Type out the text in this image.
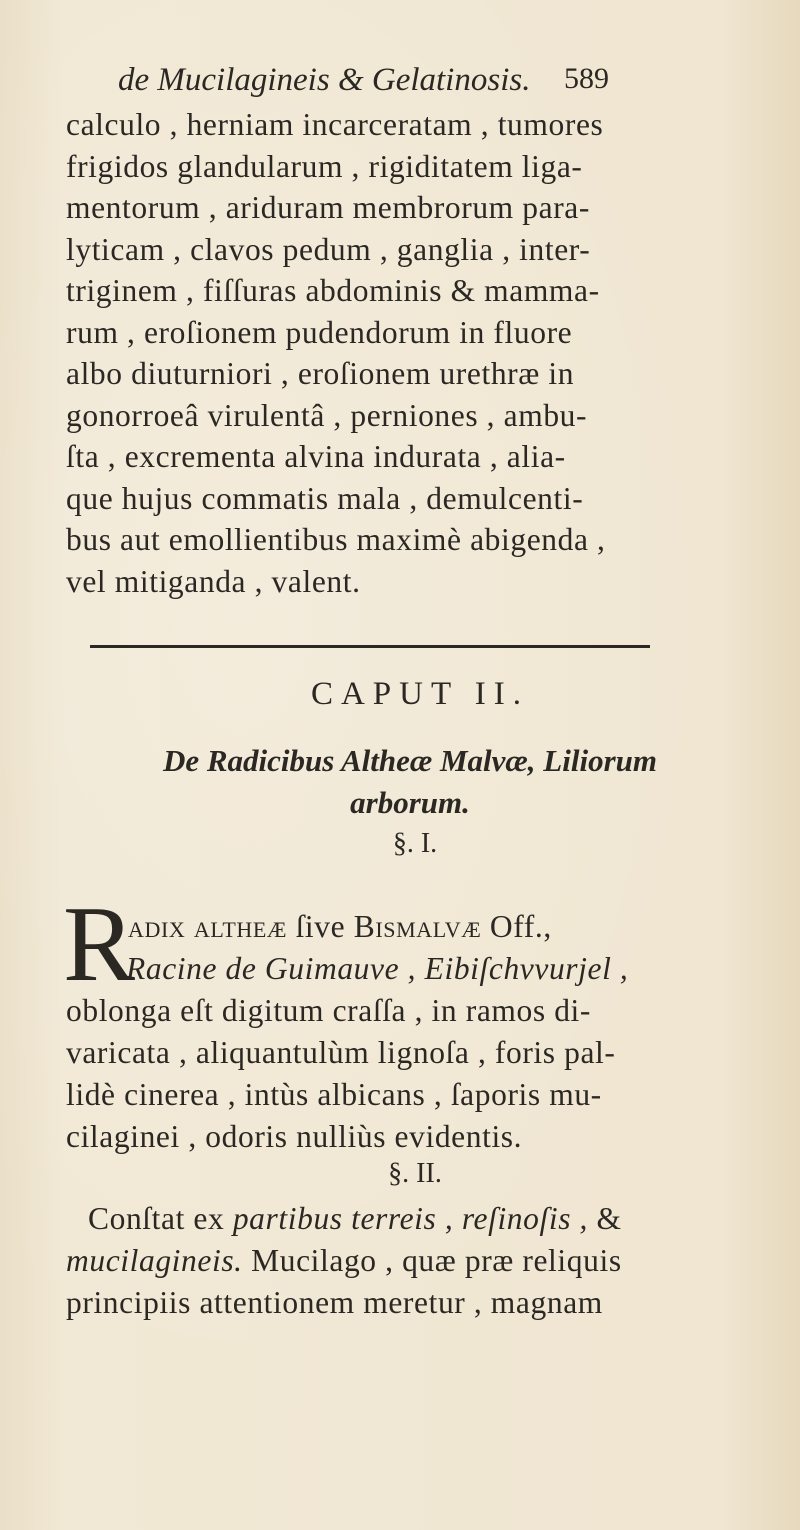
de Mucilagineis & Gelatinosis. 589
calculo , herniam incarceratam , tumores
frigidos glandularum , rigiditatem liga-
mentorum , ariduram membrorum para-
lyticam , clavos pedum , ganglia , inter-
triginem , fiſſuras abdominis & mamma-
rum , eroſionem pudendorum in fluore
albo diuturniori , eroſionem urethræ in
gonorroeâ virulentâ , perniones , ambu-
ſta , excrementa alvina indurata , alia-
que hujus commatis mala , demulcenti-
bus aut emollientibus maximè abigenda ,
vel mitiganda , valent.
CAPUT II.
De Radicibus Altheæ Malvæ, Liliorum
arborum.
§. I.
R
adix altheæ ſive Bismalvæ Off.,
Racine de Guimauve , Eibiſchvvurjel ,
oblonga eſt digitum craſſa , in ramos di-
varicata , aliquantulùm lignoſa , foris pal-
lidè cinerea , intùs albicans , ſaporis mu-
cilaginei , odoris nulliùs evidentis.
§. II.
Conſtat ex partibus terreis , reſinoſis , &
mucilagineis. Mucilago , quæ præ reliquis
principiis attentionem meretur , magnam
